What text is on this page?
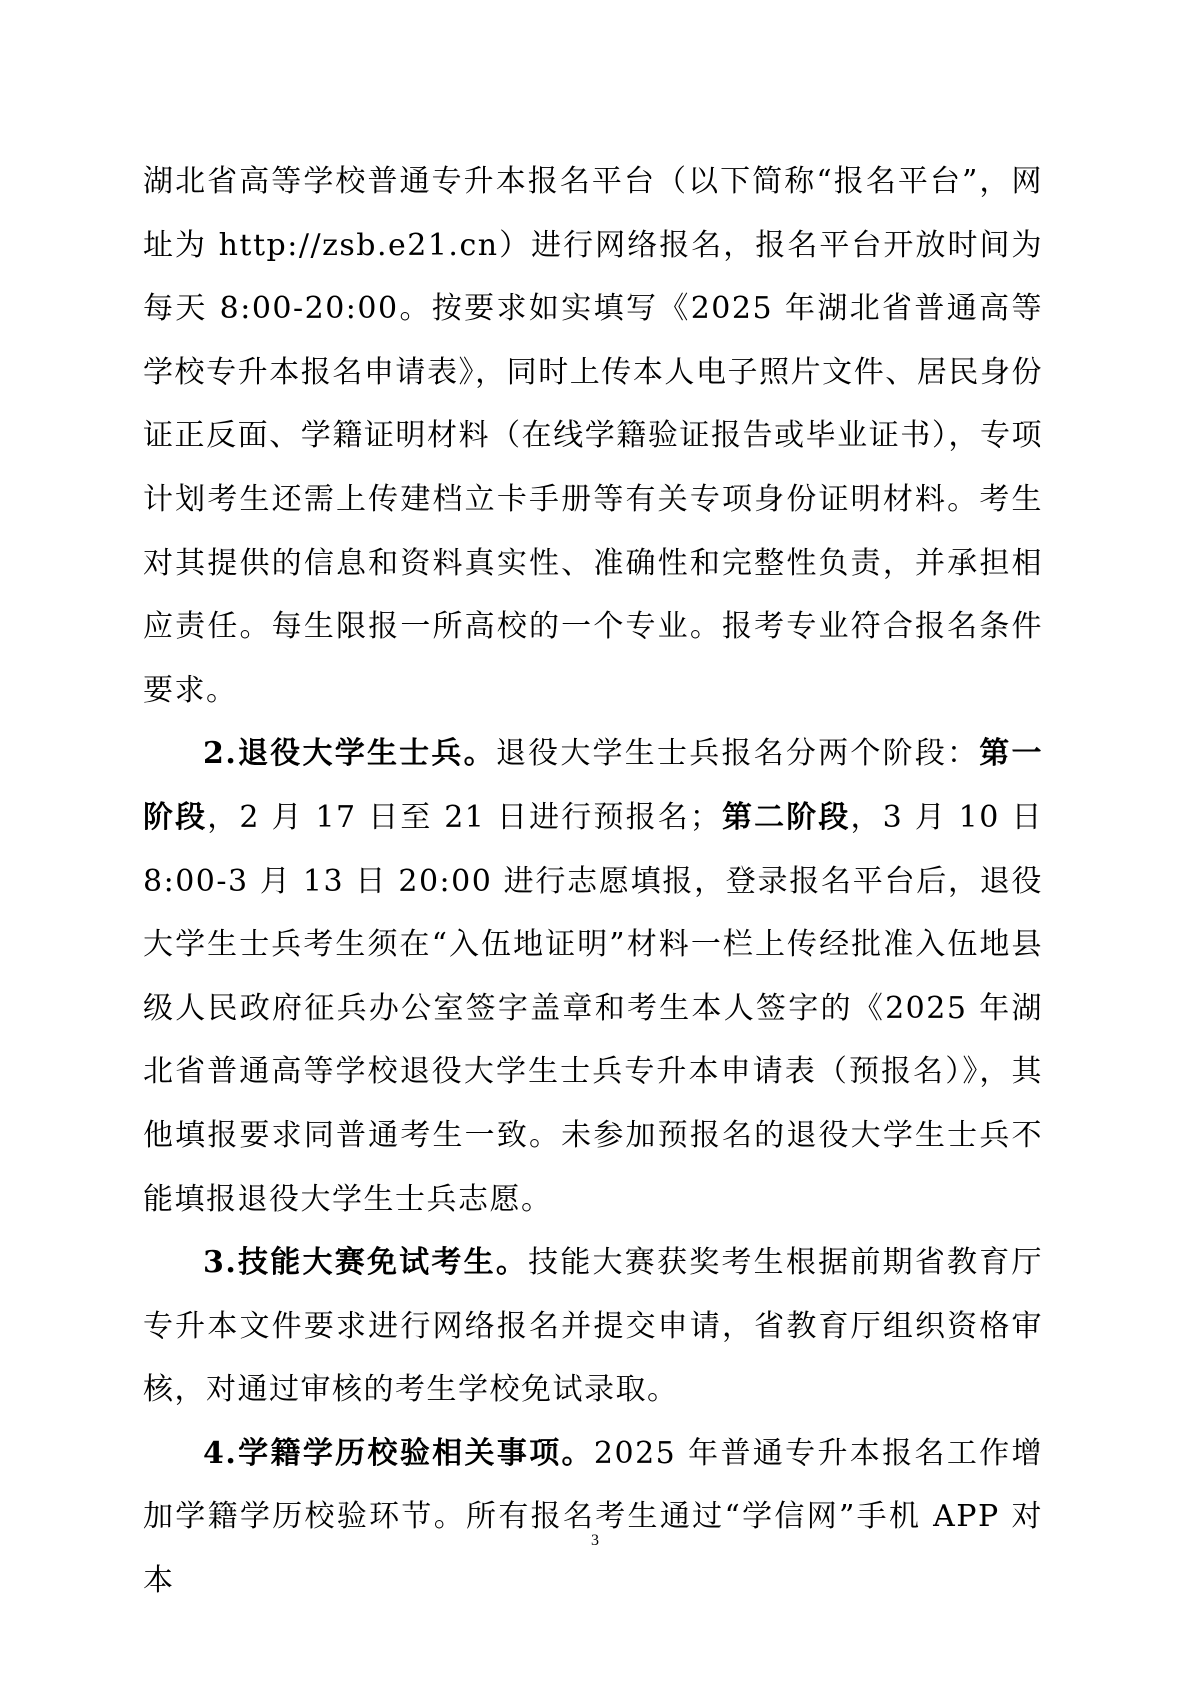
湖北省高等学校普通专升本报名平台（以下简称“报名平台”，网址为 http://zsb.e21.cn）进行网络报名，报名平台开放时间为每天 8:00-20:00。按要求如实填写《2025 年湖北省普通高等学校专升本报名申请表》，同时上传本人电子照片文件、居民身份证正反面、学籍证明材料（在线学籍验证报告或毕业证书），专项计划考生还需上传建档立卡手册等有关专项身份证明材料。考生对其提供的信息和资料真实性、准确性和完整性负责，并承担相应责任。每生限报一所高校的一个专业。报考专业符合报名条件要求。

2.退役大学生士兵。退役大学生士兵报名分两个阶段：第一阶段，2 月 17 日至 21 日进行预报名；第二阶段，3 月 10 日 8:00-3 月 13 日 20:00 进行志愿填报，登录报名平台后，退役大学生士兵考生须在“入伍地证明”材料一栏上传经批准入伍地县级人民政府征兵办公室签字盖章和考生本人签字的《2025 年湖北省普通高等学校退役大学生士兵专升本申请表（预报名）》，其他填报要求同普通考生一致。未参加预报名的退役大学生士兵不能填报退役大学生士兵志愿。

3.技能大赛免试考生。技能大赛获奖考生根据前期省教育厅专升本文件要求进行网络报名并提交申请，省教育厅组织资格审核，对通过审核的考生学校免试录取。

4.学籍学历校验相关事项。2025 年普通专升本报名工作增加学籍学历校验环节。所有报名考生通过“学信网”手机 APP 对本

3
